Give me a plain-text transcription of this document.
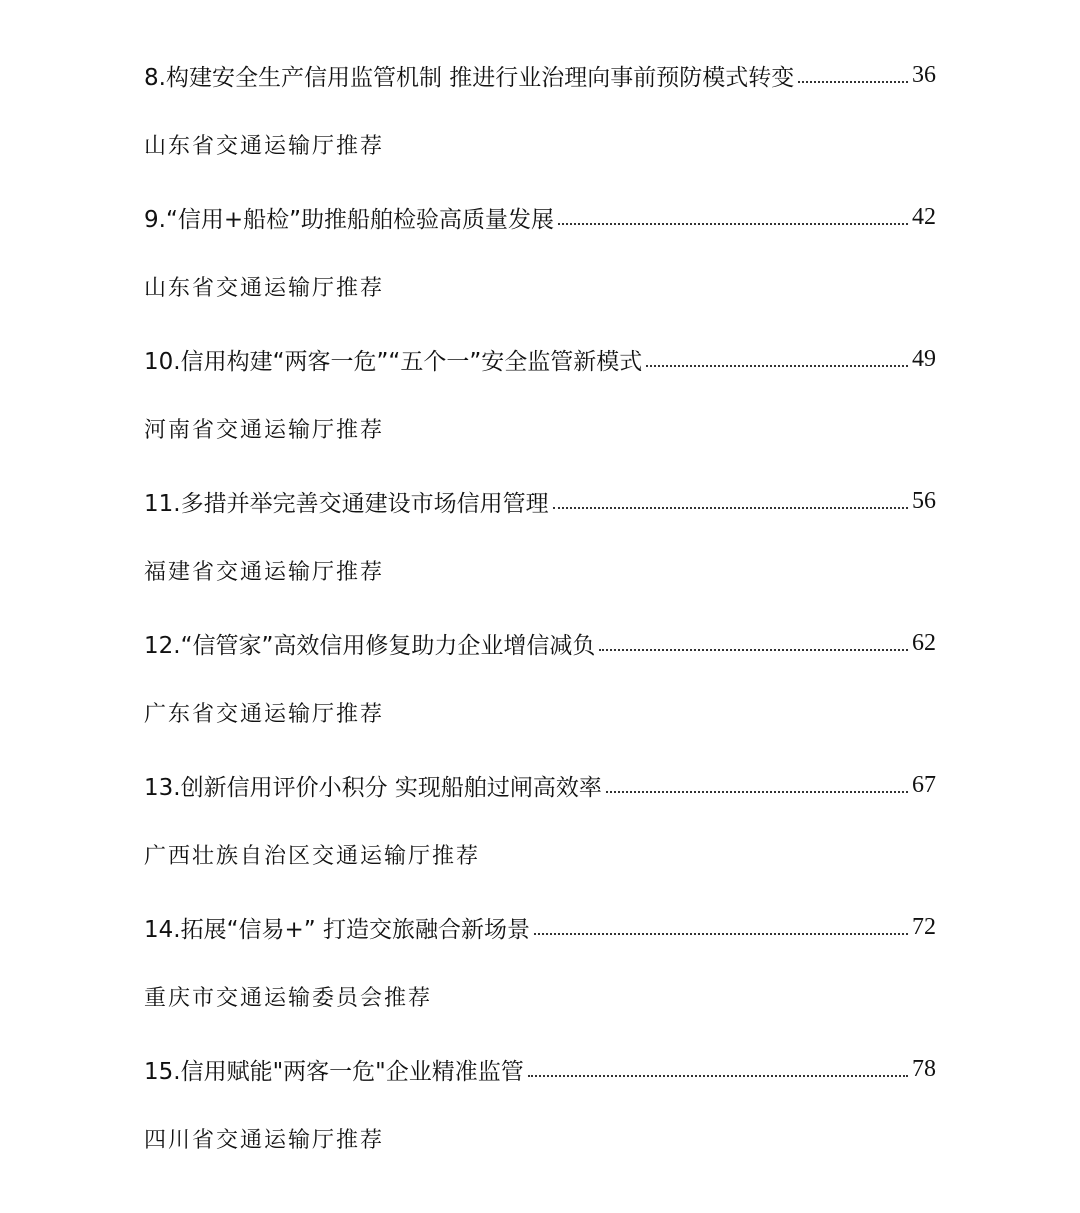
8.构建安全生产信用监管机制 推进行业治理向事前预防模式转变	36
山东省交通运输厅推荐
9.“信用+船检”助推船舶检验高质量发展	42
山东省交通运输厅推荐
10.信用构建“两客一危”“五个一”安全监管新模式	49
河南省交通运输厅推荐
11.多措并举完善交通建设市场信用管理	56
福建省交通运输厅推荐
12.“信管家”高效信用修复助力企业增信减负	62
广东省交通运输厅推荐
13.创新信用评价小积分 实现船舶过闸高效率	67
广西壮族自治区交通运输厅推荐
14.拓展“信易+” 打造交旅融合新场景	72
重庆市交通运输委员会推荐
15.信用赋能"两客一危"企业精准监管	78
四川省交通运输厅推荐
